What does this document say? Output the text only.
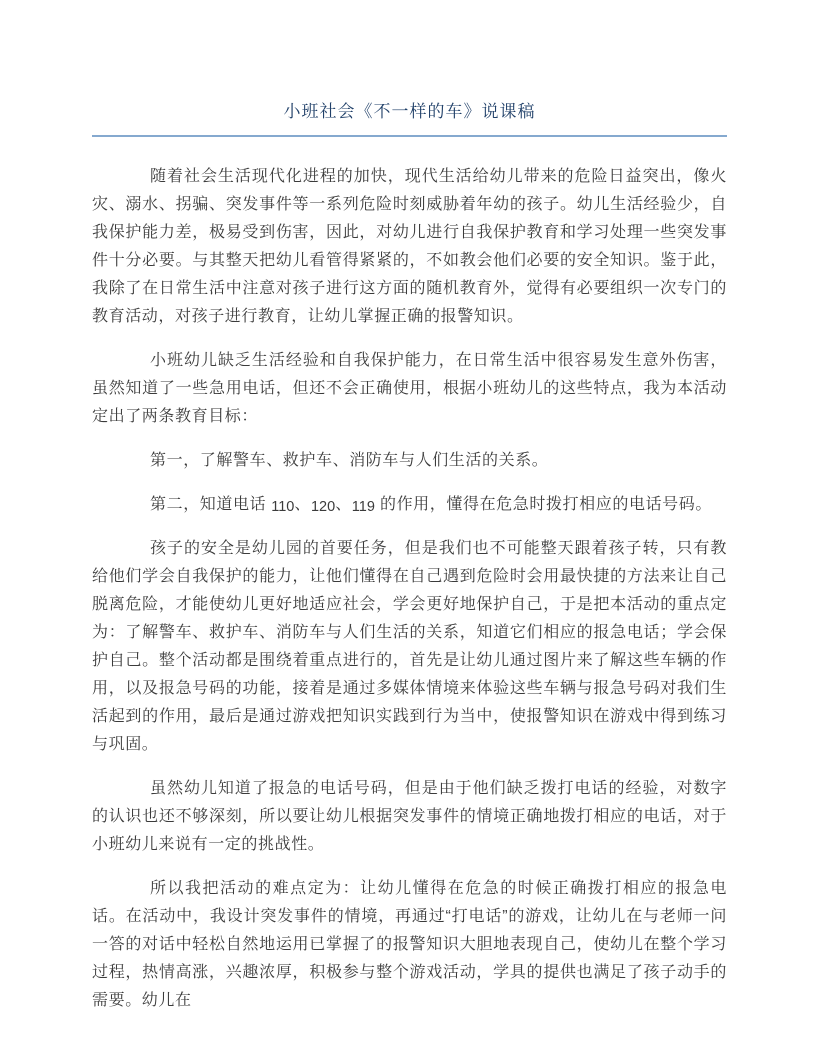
小班社会《不一样的车》说课稿

随着社会生活现代化进程的加快，现代生活给幼儿带来的危险日益突出，像火灾、溺水、拐骗、突发事件等一系列危险时刻威胁着年幼的孩子。幼儿生活经验少，自我保护能力差，极易受到伤害，因此，对幼儿进行自我保护教育和学习处理一些突发事件十分必要。与其整天把幼儿看管得紧紧的，不如教会他们必要的安全知识。鉴于此，我除了在日常生活中注意对孩子进行这方面的随机教育外，觉得有必要组织一次专门的教育活动，对孩子进行教育，让幼儿掌握正确的报警知识。

小班幼儿缺乏生活经验和自我保护能力，在日常生活中很容易发生意外伤害，虽然知道了一些急用电话，但还不会正确使用，根据小班幼儿的这些特点，我为本活动定出了两条教育目标：

第一，了解警车、救护车、消防车与人们生活的关系。

第二，知道电话 110、120、119 的作用，懂得在危急时拨打相应的电话号码。

孩子的安全是幼儿园的首要任务，但是我们也不可能整天跟着孩子转，只有教给他们学会自我保护的能力，让他们懂得在自己遇到危险时会用最快捷的方法来让自己脱离危险，才能使幼儿更好地适应社会，学会更好地保护自己，于是把本活动的重点定为：了解警车、救护车、消防车与人们生活的关系，知道它们相应的报急电话；学会保护自己。整个活动都是围绕着重点进行的，首先是让幼儿通过图片来了解这些车辆的作用，以及报急号码的功能，接着是通过多媒体情境来体验这些车辆与报急号码对我们生活起到的作用，最后是通过游戏把知识实践到行为当中，使报警知识在游戏中得到练习与巩固。

虽然幼儿知道了报急的电话号码，但是由于他们缺乏拨打电话的经验，对数字的认识也还不够深刻，所以要让幼儿根据突发事件的情境正确地拨打相应的电话，对于小班幼儿来说有一定的挑战性。

所以我把活动的难点定为：让幼儿懂得在危急的时候正确拨打相应的报急电话。在活动中，我设计突发事件的情境，再通过“打电话”的游戏，让幼儿在与老师一问一答的对话中轻松自然地运用已掌握了的报警知识大胆地表现自己，使幼儿在整个学习过程，热情高涨，兴趣浓厚，积极参与整个游戏活动，学具的提供也满足了孩子动手的需要。幼儿在
